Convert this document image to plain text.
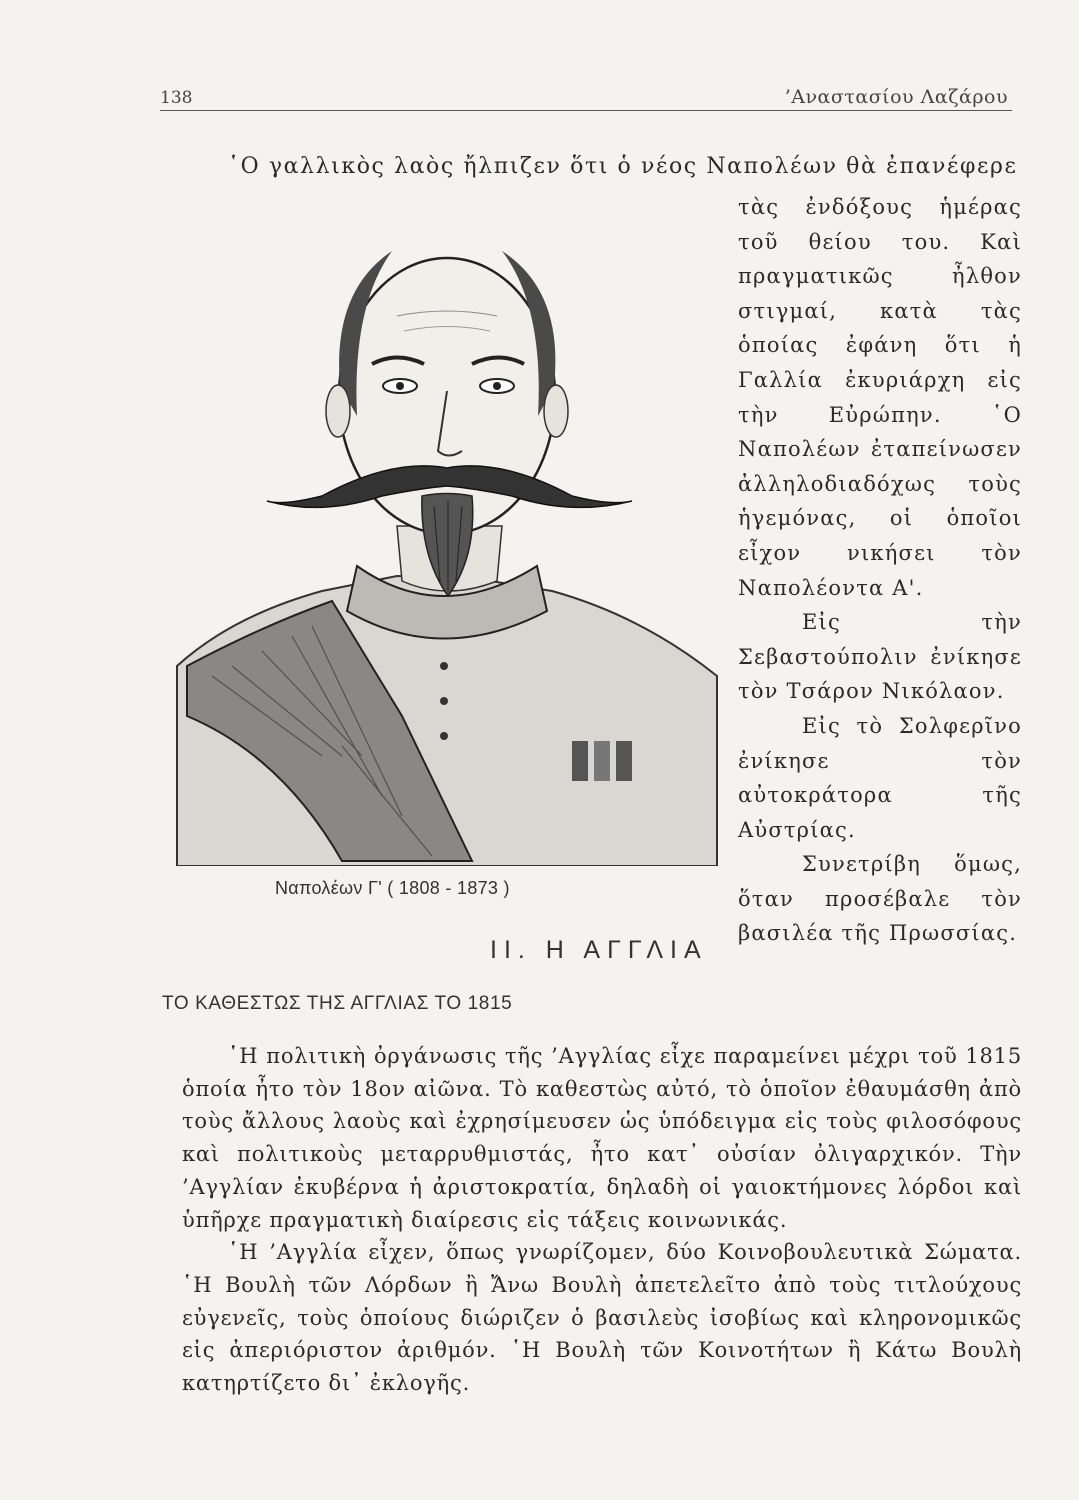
138	’Αναστασίου Λαζάρου
῾Ο γαλλικὸς λαὸς ἤλπιζεν ὅτι ὁ νέος Ναπολέων θὰ ἐπανέφερε

τὰς ἐνδόξους ἡμέρας τοῦ θείου του. Καὶ πραγματικῶς ἦλθον στιγμαί, κατὰ τὰς ὁποίας ἐφάνη ὅτι ἡ Γαλλία ἐκυριάρχη εἰς τὴν Εὐρώπην. ῾Ο Ναπολέων ἐταπείνωσεν ἀλληλοδιαδόχως τοὺς ἡγεμόνας, οἱ ὁποῖοι εἶχον νικήσει τὸν Ναπολέοντα Α'.

Εἰς τὴν Σεβαστούπολιν ἐνίκησε τὸν Τσάρον Νικόλαον.

Εἰς τὸ Σολφερῖνο ἐνίκησε τὸν αὐτοκράτορα τῆς Αὐστρίας.

Συνετρίβη ὅμως, ὅταν προσέβαλε τὸν βασιλέα τῆς Πρωσσίας.

Ναπολέων Γ' ( 1808 - 1873 )
ΙΙ. Η ΑΓΓΛΙΑ
ΤΟ ΚΑΘΕΣΤΩΣ ΤΗΣ ΑΓΓΛΙΑΣ ΤΟ 1815

῾Η πολιτικὴ ὀργάνωσις τῆς ’Αγγλίας εἶχε παραμείνει μέχρι τοῦ 1815 ὁποία ἦτο τὸν 18ον αἰῶνα. Τὸ καθεστὼς αὐτό, τὸ ὁποῖον ἐθαυμάσθη ἀπὸ τοὺς ἄλλους λαοὺς καὶ ἐχρησίμευσεν ὡς ὑπόδειγμα εἰς τοὺς φιλοσόφους καὶ πολιτικοὺς μεταρρυθμιστάς, ἦτο κατ᾽ οὐσίαν ὀλιγαρχικόν. Τὴν ’Αγγλίαν ἐκυβέρνα ἡ ἀριστοκρατία, δηλαδὴ οἱ γαιοκτήμονες λόρδοι καὶ ὑπῆρχε πραγματικὴ διαίρεσις εἰς τάξεις κοινωνικάς.

῾Η ’Αγγλία εἶχεν, ὅπως γνωρίζομεν, δύο Κοινοβουλευτικὰ Σώματα. ῾Η Βουλὴ τῶν Λόρδων ἢ Ἄνω Βουλὴ ἀπετελεῖτο ἀπὸ τοὺς τιτλούχους εὐγενεῖς, τοὺς ὁποίους διώριζεν ὁ βασιλεὺς ἰσοβίως καὶ κληρονομικῶς εἰς ἀπεριόριστον ἀριθμόν. ῾Η Βουλὴ τῶν Κοινοτήτων ἢ Κάτω Βουλὴ κατηρτίζετο δι᾽ ἐκλογῆς.
